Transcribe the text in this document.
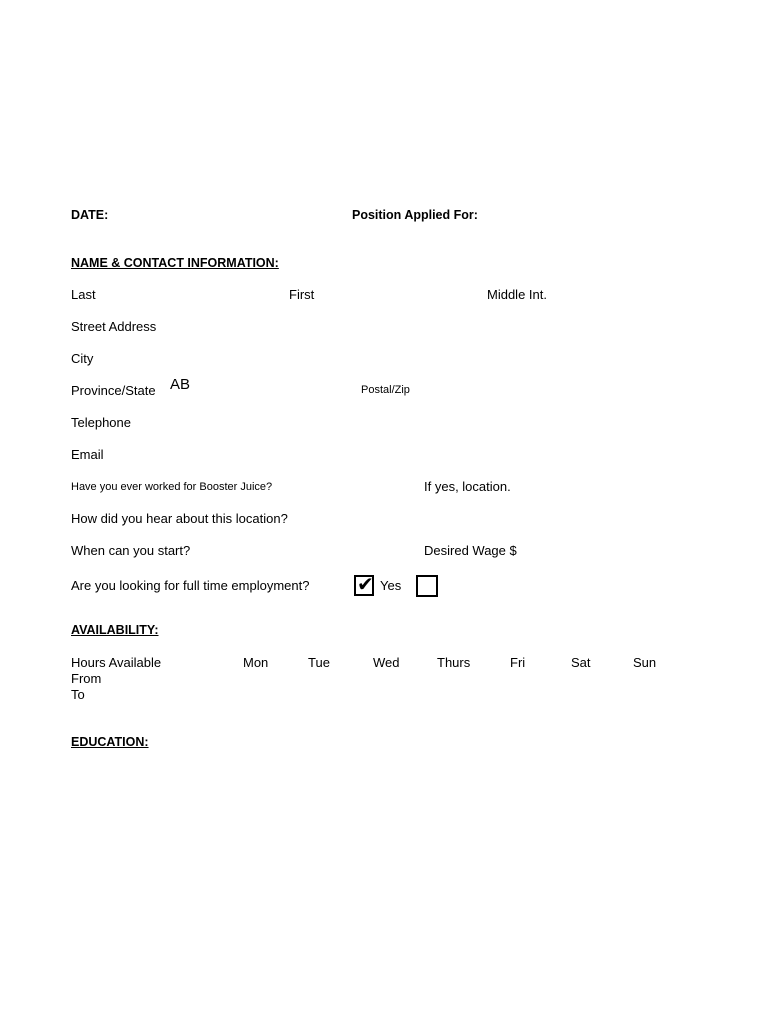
DATE:	Position Applied For:
NAME & CONTACT INFORMATION:
Last	First	Middle Int.
Street Address
City
Province/State AB	Postal/Zip
Telephone
Email
Have you ever worked for Booster Juice?	If yes, location.
How did you hear about this location?
When can you start?	Desired Wage $
Are you looking for full time employment? ✔ Yes
AVAILABILITY:
Hours Available	Mon	Tue	Wed	Thurs	Fri	Sat	Sun
From
To
EDUCATION:
